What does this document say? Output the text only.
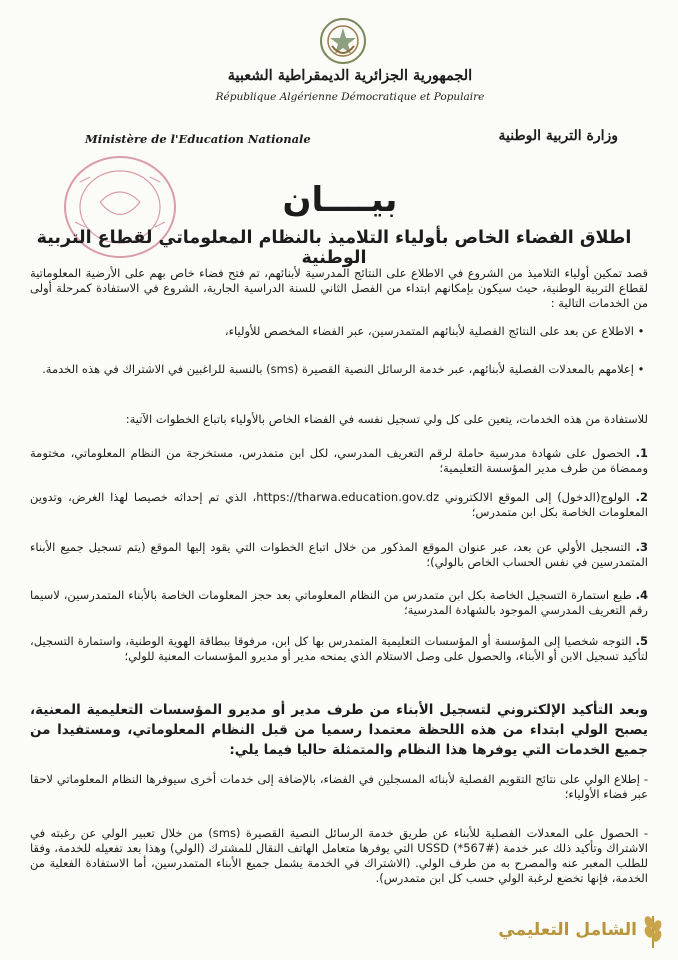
الجمهورية الجزائرية الديمقراطية الشعبية
République Algérienne Démocratique et Populaire
Ministère de l'Education Nationale	وزارة التربية الوطنية
بيــــان
اطلاق الفضاء الخاص بأولياء التلاميذ بالنظام المعلوماتي لقطاع التربية الوطنية
قصد تمكين أولياء التلاميذ من الشروع في الاطلاع على النتائج المدرسية لأبنائهم، تم فتح فضاء خاص بهم على الأرضية المعلوماتية لقطاع التربية الوطنية، حيث سيكون بإمكانهم ابتداء من الفصل الثاني للسنة الدراسية الجارية، الشروع في الاستفادة كمرحلة أولى من الخدمات التالية :
•الاطلاع عن بعد على النتائج الفصلية لأبنائهم المتمدرسين، عبر الفضاء المخصص للأولياء،
•إعلامهم بالمعدلات الفصلية لأبنائهم، عبر خدمة الرسائل النصية القصيرة (sms) بالنسبة للراغبين في الاشتراك في هذه الخدمة.
للاستفادة من هذه الخدمات، يتعين على كل ولي تسجيل نفسه في الفضاء الخاص بالأولياء باتباع الخطوات الآتية:
1. الحصول على شهادة مدرسية حاملة لرقم التعريف المدرسي، لكل ابن متمدرس، مستخرجة من النظام المعلوماتي، مختومة وممضاة من طرف مدير المؤسسة التعليمية؛
2. الولوج(الدخول) إلى الموقع الالكتروني https://tharwa.education.gov.dz، الذي تم إحداثه خصيصا لهذا الغرض، وتدوين المعلومات الخاصة بكل ابن متمدرس؛
3. التسجيل الأولي عن بعد، عبر عنوان الموقع المذكور من خلال اتباع الخطوات التي يقود إليها الموقع (يتم تسجيل جميع الأبناء المتمدرسين في نفس الحساب الخاص بالولي)؛
4. طبع استمارة التسجيل الخاصة بكل ابن متمدرس من النظام المعلوماتي بعد حجز المعلومات الخاصة بالأبناء المتمدرسين، لاسيما رقم التعريف المدرسي الموجود بالشهادة المدرسية؛
5. التوجه شخصيا إلى المؤسسة أو المؤسسات التعليمية المتمدرس بها كل ابن، مرفوقا ببطاقة الهوية الوطنية، واستمارة التسجيل، لتأكيد تسجيل الابن أو الأبناء، والحصول على وصل الاستلام الذي يمنحه مدير أو مديرو المؤسسات المعنية للولي؛
وبعد التأكيد الإلكتروني لتسجيل الأبناء من طرف مدير أو مديرو المؤسسات التعليمية المعنية، يصبح الولي ابتداء من هذه اللحظة معتمدا رسميا من قبل النظام المعلوماتي، ومستفيدا من جميع الخدمات التي يوفرها هذا النظام والمتمثلة حاليا فيما يلي:
- إطلاع الولي على نتائج التقويم الفصلية لأبنائه المسجلين في الفضاء، بالإضافة إلى خدمات أخرى سيوفرها النظام المعلوماتي لاحقا عبر فضاء الأولياء؛
- الحصول على المعدلات الفصلية للأبناء عن طريق خدمة الرسائل النصية القصيرة (sms) من خلال تعبير الولي عن رغبته في الاشتراك وتأكيد ذلك عبر خدمة USSD (*567#) التي يوفرها متعامل الهاتف النقال للمشترك (الولي) وهذا بعد تفعيله للخدمة، وفقا للطلب المعبر عنه والمصرح به من طرف الولي. (الاشتراك في الخدمة يشمل جميع الأبناء المتمدرسين، أما الاستفادة الفعلية من الخدمة، فإنها تخضع لرغبة الولي حسب كل ابن متمدرس).
الشامل التعليمي
